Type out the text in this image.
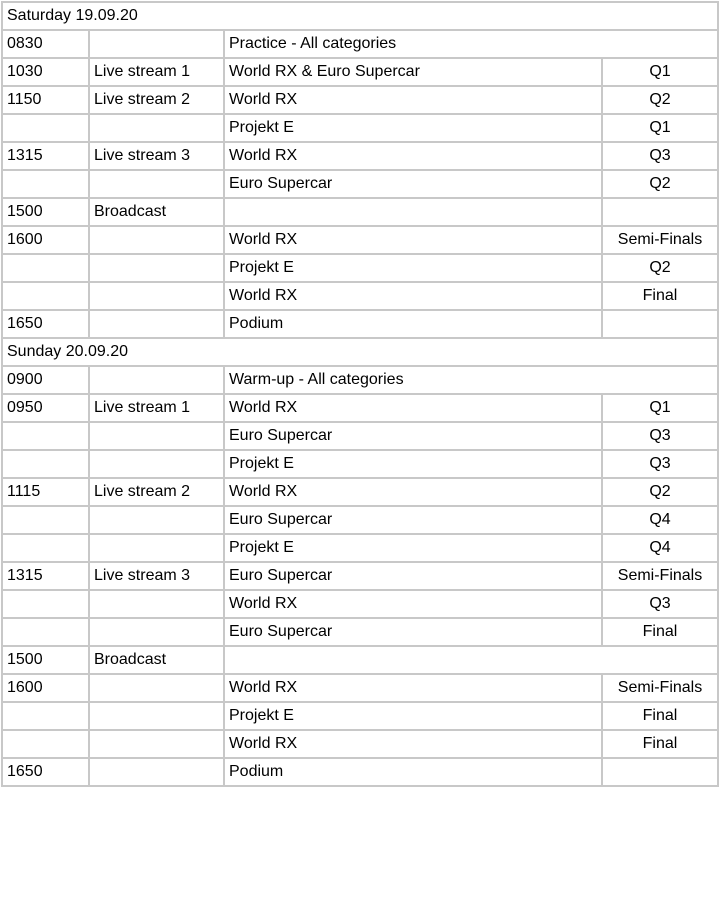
Saturday 19.09.20			
0830		Practice - All categories	
1030	Live stream 1	World RX & Euro Supercar	Q1
1150	Live stream 2	World RX	Q2
		Projekt E	Q1
1315	Live stream 3	World RX	Q3
		Euro Supercar	Q2
1500	Broadcast		
1600		World RX	Semi-Finals
		Projekt E	Q2
		World RX	Final
1650		Podium	
Sunday 20.09.20			
0900		Warm-up - All categories	
0950	Live stream 1	World RX	Q1
		Euro Supercar	Q3
		Projekt E	Q3
1115	Live stream 2	World RX	Q2
		Euro Supercar	Q4
		Projekt E	Q4
1315	Live stream 3	Euro Supercar	Semi-Finals
		World RX	Q3
		Euro Supercar	Final
1500	Broadcast		
1600		World RX	Semi-Finals
		Projekt E	Final
		World RX	Final
1650		Podium	
